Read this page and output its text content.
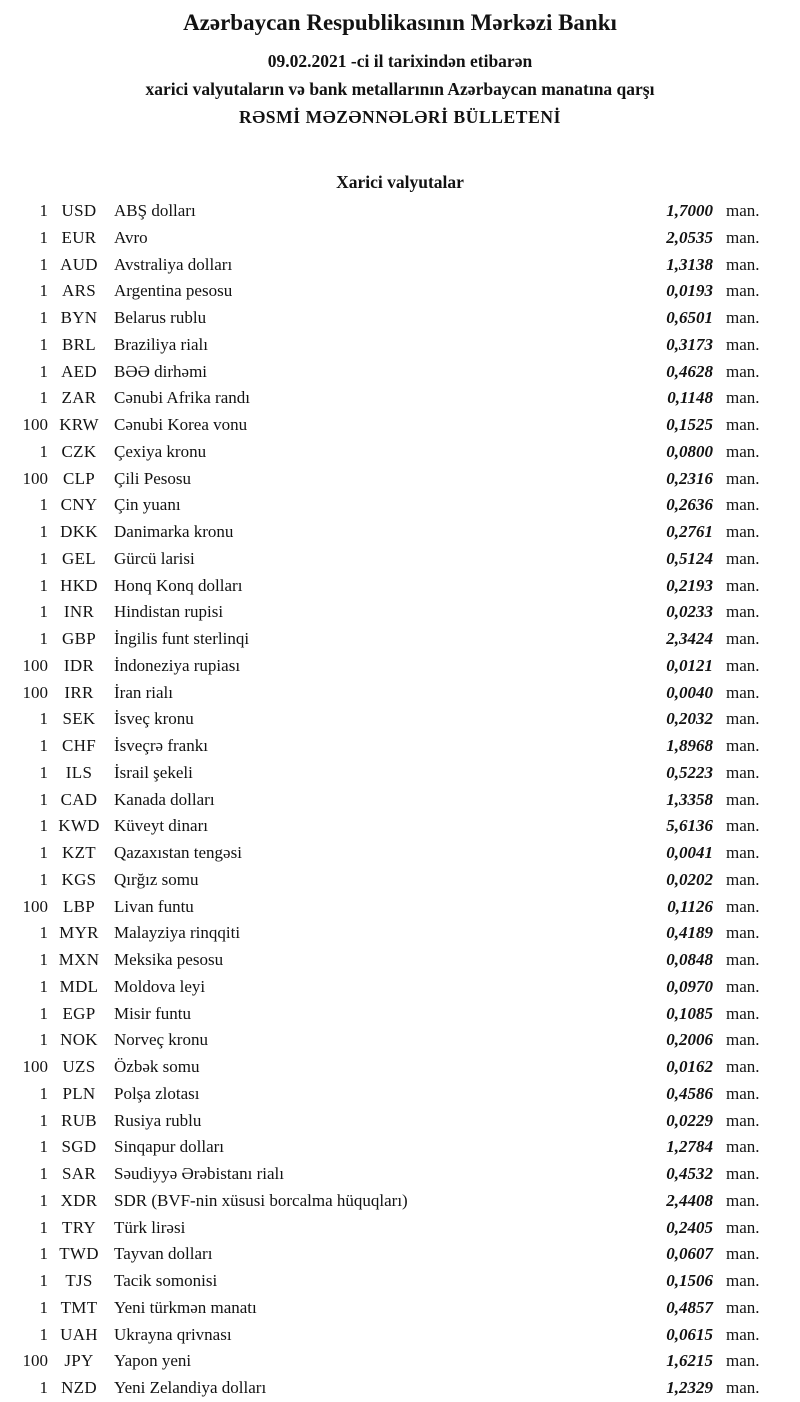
Azərbaycan Respublikasının Mərkəzi Bankı
09.02.2021 -ci il tarixindən etibarən
xarici valyutaların və bank metallarının Azərbaycan manatına qarşı
RƏSMİ MƏZƏNNƏLƏRİ BÜLLETENİ
Xarici valyutalar
1 USD	ABŞ dolları	1,7000 man.
1 EUR	Avro	2,0535 man.
1 AUD Avstraliya dolları	1,3138 man.
1 ARS	Argentina pesosu	0,0193 man.
1 BYN Belarus rublu	0,6501 man.
1 BRL	Braziliya rialı	0,3173 man.
1 AED	BƏƏ dirhəmi	0,4628 man.
1 ZAR	Cənubi Afrika randı	0,1148 man.
100 KRW Cənubi Korea vonu	0,1525 man.
1 CZK	Çexiya kronu	0,0800 man.
100 CLP	Çili Pesosu	0,2316 man.
1 CNY Çin yuanı	0,2636 man.
1 DKK Danimarka kronu	0,2761 man.
1 GEL	Gürcü larisi	0,5124 man.
1 HKD Honq Konq dolları	0,2193 man.
1 INR	Hindistan rupisi	0,0233 man.
1 GBP	İngilis funt sterlinqi	2,3424 man.
100 IDR	İndoneziya rupiası	0,0121 man.
100 IRR	İran rialı	0,0040 man.
1 SEK	İsveç kronu	0,2032 man.
1 CHF	İsveçrə frankı	1,8968 man.
1	ILS	İsrail şekeli	0,5223 man.
1 CAD Kanada dolları	1,3358 man.
1 KWD Küveyt dinarı	5,6136 man.
1 KZT	Qazaxıstan tengəsi	0,0041 man.
1 KGS	Qırğız somu	0,0202 man.
100 LBP	Livan funtu	0,1126 man.
1 MYR Malayziya rinqqiti	0,4189 man.
1 MXN Meksika pesosu	0,0848 man.
1 MDL Moldova leyi	0,0970 man.
1 EGP	Misir funtu	0,1085 man.
1 NOK Norveç kronu	0,2006 man.
100 UZS	Özbək somu	0,0162 man.
1 PLN	Polşa zlotası	0,4586 man.
1 RUB	Rusiya rublu	0,0229 man.
1 SGD	Sinqapur dolları	1,2784 man.
1 SAR	Səudiyyə Ərəbistanı rialı	0,4532 man.
1 XDR SDR (BVF-nin xüsusi borcalma hüquqları)	2,4408 man.
1 TRY	Türk lirəsi	0,2405 man.
1 TWD Tayvan dolları	0,0607 man.
1	TJS	Tacik somonisi	0,1506 man.
1 TMT Yeni türkmən manatı	0,4857 man.
1 UAH Ukrayna qrivnası	0,0615 man.
100 JPY	Yapon yeni	1,6215 man.
1 NZD	Yeni Zelandiya dolları	1,2329 man.
